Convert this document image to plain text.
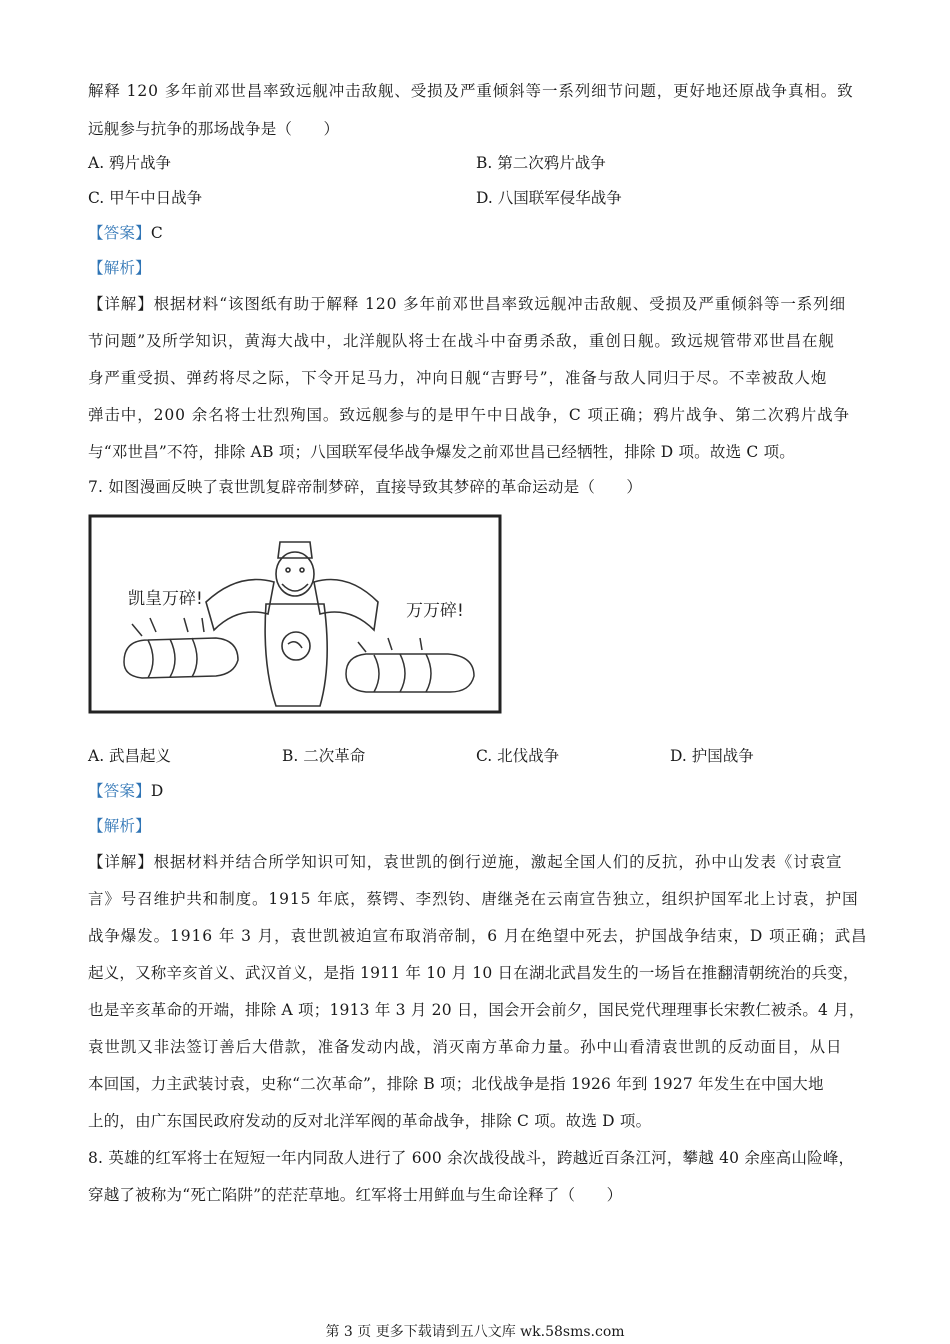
解释 120 多年前邓世昌率致远舰冲击敌舰、受损及严重倾斜等一系列细节问题，更好地还原战争真相。致
远舰参与抗争的那场战争是（　　）
A. 鸦片战争	B. 第二次鸦片战争
C. 甲午中日战争	D. 八国联军侵华战争
【答案】C
【解析】
【详解】根据材料“该图纸有助于解释 120 多年前邓世昌率致远舰冲击敌舰、受损及严重倾斜等一系列细
节问题”及所学知识，黄海大战中，北洋舰队将士在战斗中奋勇杀敌，重创日舰。致远规管带邓世昌在舰
身严重受损、弹药将尽之际，下令开足马力，冲向日舰“吉野号”，准备与敌人同归于尽。不幸被敌人炮
弹击中，200 余名将士壮烈殉国。致远舰参与的是甲午中日战争，C 项正确；鸦片战争、第二次鸦片战争
与“邓世昌”不符，排除 AB 项；八国联军侵华战争爆发之前邓世昌已经牺牲，排除 D 项。故选 C 项。
7. 如图漫画反映了袁世凯复辟帝制梦碎，直接导致其梦碎的革命运动是（　　）
凯皇万碎!
万万碎!
A. 武昌起义	B. 二次革命	C. 北伐战争	D. 护国战争
【答案】D
【解析】
【详解】根据材料并结合所学知识可知，袁世凯的倒行逆施，激起全国人们的反抗，孙中山发表《讨袁宣
言》号召维护共和制度。1915 年底，蔡锷、李烈钧、唐继尧在云南宣告独立，组织护国军北上讨袁，护国
战争爆发。1916 年 3 月，袁世凯被迫宣布取消帝制，6 月在绝望中死去，护国战争结束，D 项正确；武昌
起义，又称辛亥首义、武汉首义，是指 1911 年 10 月 10 日在湖北武昌发生的一场旨在推翻清朝统治的兵变，
也是辛亥革命的开端，排除 A 项；1913 年 3 月 20 日，国会开会前夕，国民党代理理事长宋教仁被杀。4 月，
袁世凯又非法签订善后大借款，准备发动内战，消灭南方革命力量。孙中山看清袁世凯的反动面目，从日
本回国，力主武装讨袁，史称“二次革命”，排除 B 项；北伐战争是指 1926 年到 1927 年发生在中国大地
上的，由广东国民政府发动的反对北洋军阀的革命战争，排除 C 项。故选 D 项。
8. 英雄的红军将士在短短一年内同敌人进行了 600 余次战役战斗，跨越近百条江河，攀越 40 余座高山险峰，
穿越了被称为“死亡陷阱”的茫茫草地。红军将士用鲜血与生命诠释了（　　）
第 3 页 更多下载请到五八文库 wk.58sms.com
